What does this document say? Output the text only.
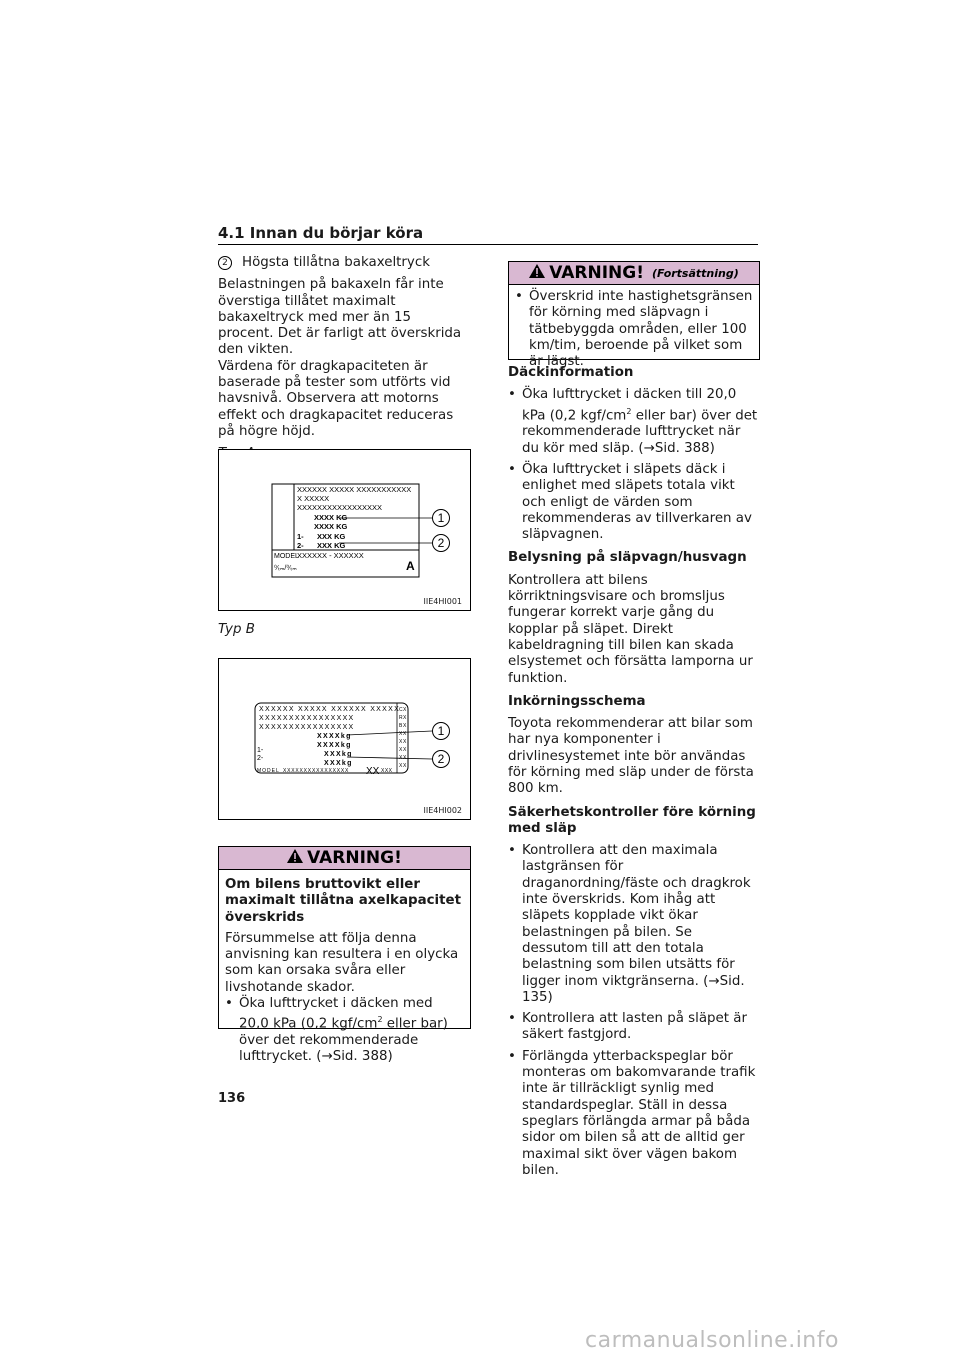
4.1 Innan du börjar köra

2 Högsta tillåtna bakaxeltryck

Belastningen på bakaxeln får inte överstiga tillåtet maximalt bakaxeltryck med mer än 15 procent. Det är farligt att överskrida den vikten.

Värdena för dragkapaciteten är baserade på tester som utförts vid havsnivå. Observera att motorns effekt och dragkapacitet reduceras på högre höjd.

XXXXXX XXXXX XXXXXXXXXXX
X XXXXX
XXXXXXXXXXXXXXXXX
XXXX KG
XXXX KG
1- XXX KG
2- XXX KG
MODEL
XXXXXX - XXXXXX
⁰⁄ₜₘ/⁰⁄ₜₘ	A
1
2
IIE4HI001
Typ B
XXXXXX XXXXX XXXXXX XXXXX
XXXXXXXXXXXXXXXX
XXXXXXXXXXXXXXXX
XXXXkg
XXXXkg
1-
XXXkg
2-
XXXkg
MODEL XXXXXXXXXXXXXXXX XX XXX
C X
R X
B X
X X
X X
X X
X X
1
2
IIE4HI002
VARNING!

Om bilens bruttovikt eller maximalt tillåtna axelkapacitet överskrids

Försummelse att följa denna anvisning kan resultera i en olycka som kan orsaka svåra eller livshotande skador.

• Öka lufttrycket i däcken med 20,0 kPa (0,2 kgf/$cm^2$ eller bar) över det rekommenderade lufttrycket. (→Sid. 388)
VARNING! (Fortsättning)
• Överskrid inte hastighetsgränsen för körning med släpvagn i tätbebyggda områden, eller 100 km/tim, beroende på vilket som är lägst.
Däckinformation
• Öka lufttrycket i däcken till 20,0 kPa (0,2 kgf/$cm^2$ eller bar) över det rekommenderade lufttrycket när du kör med släp. (→Sid. 388)
• Öka lufttrycket i släpets däck i enlighet med släpets totala vikt och enligt de värden som rekommenderas av tillverkaren av släpvagnen.
Belysning på släpvagn/husvagn

Kontrollera att bilens körriktningsvisare och bromsljus fungerar korrekt varje gång du kopplar på släpet. Direkt kabeldragning till bilen kan skada elsystemet och försätta lamporna ur funktion.

Inkörningsschema

Toyota rekommenderar att bilar som har nya komponenter i drivlinesystemet inte bör användas för körning med släp under de första 800 km.

Säkerhetskontroller före körning med släp
• Kontrollera att den maximala lastgränsen för draganordning/fäste och dragkrok inte överskrids. Kom ihåg att släpets kopplade vikt ökar belastningen på bilen. Se dessutom till att den totala belastning som bilen utsätts för ligger inom viktgränserna. (→Sid. 135)
• Kontrollera att lasten på släpet är säkert fastgjord.
• Förlängda ytterbackspeglar bör monteras om bakomvarande trafik inte är tillräckligt synlig med standardspeglar. Ställ in dessa speglars förlängda armar på båda sidor om bilen så att de alltid ger maximal sikt över vägen bakom bilen.
136
carmanualsonline.info
